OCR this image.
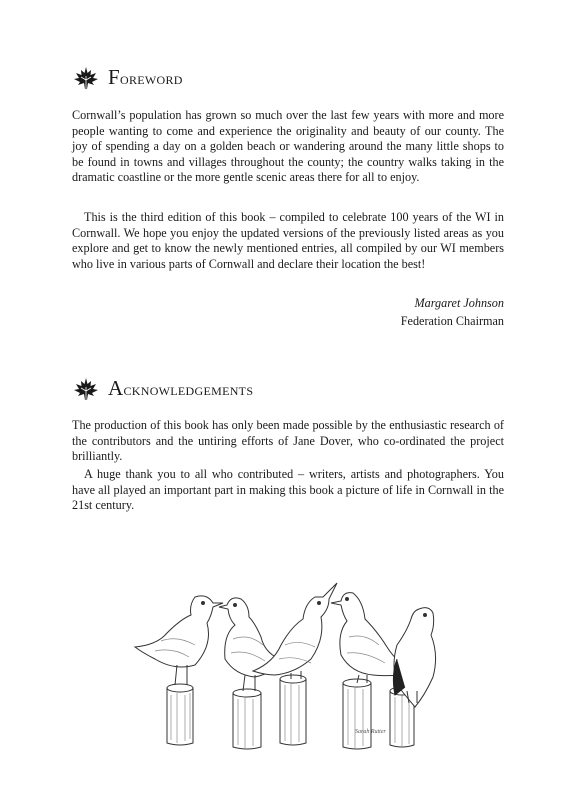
Foreword

Cornwall’s population has grown so much over the last few years with more and more people wanting to come and experience the originality and beauty of our county. The joy of spending a day on a golden beach or wandering around the many little shops to be found in towns and villages throughout the county; the country walks taking in the dramatic coastline or the more gentle scenic areas there for all to enjoy.

This is the third edition of this book – compiled to celebrate 100 years of the WI in Cornwall. We hope you enjoy the updated versions of the previously listed areas as you explore and get to know the newly mentioned entries, all compiled by our WI members who live in various parts of Cornwall and declare their location the best!

Margaret Johnson
Federation Chairman
Acknowledgements

The production of this book has only been made possible by the enthusiastic research of the contributors and the untiring efforts of Jane Dover, who co-ordinated the project brilliantly.

A huge thank you to all who contributed – writers, artists and photographers. You have all played an important part in making this book a picture of life in Cornwall in the 21st century.

Sarah Rutter
